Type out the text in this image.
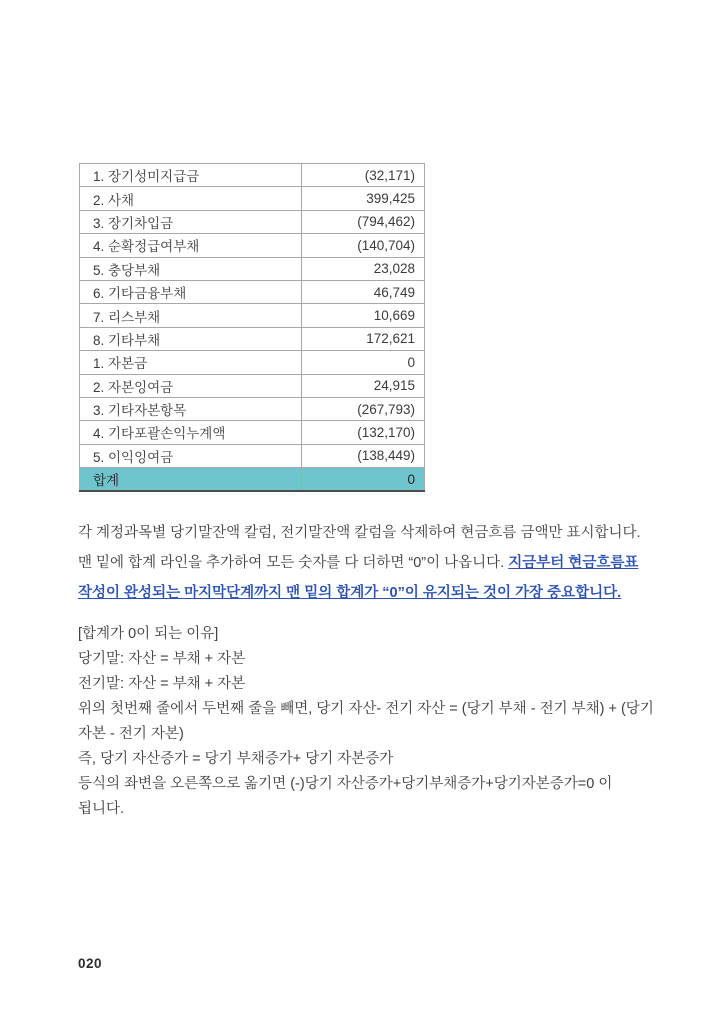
1. 장기성미지급금	(32,171)
2. 사채	399,425
3. 장기차입금	(794,462)
4. 순확정급여부채	(140,704)
5. 충당부채	23,028
6. 기타금융부채	46,749
7. 리스부채	10,669
8. 기타부채	172,621
1. 자본금	0
2. 자본잉여금	24,915
3. 기타자본항목	(267,793)
4. 기타포괄손익누계액	(132,170)
5. 이익잉여금	(138,449)
합계	0

각 계정과목별 당기말잔액 칼럼, 전기말잔액 칼럼을 삭제하여 현금흐름 금액만 표시합니다. 맨 밑에 합계 라인을 추가하여 모든 숫자를 다 더하면 “0”이 나옵니다. 지금부터 현금흐름표 작성이 완성되는 마지막단계까지 맨 밑의 합계가 “0”이 유지되는 것이 가장 중요합니다.

[합계가 0이 되는 이유]
당기말: 자산 = 부채 + 자본
전기말: 자산 = 부채 + 자본
위의 첫번째 줄에서 두번째 줄을 빼면, 당기 자산- 전기 자산 = (당기 부채 - 전기 부채) + (당기 자본 - 전기 자본)
즉, 당기 자산증가 = 당기 부채증가+ 당기 자본증가
등식의 좌변을 오른쪽으로 옮기면 (-)당기 자산증가+당기부채증가+당기자본증가=0 이 됩니다.
020
